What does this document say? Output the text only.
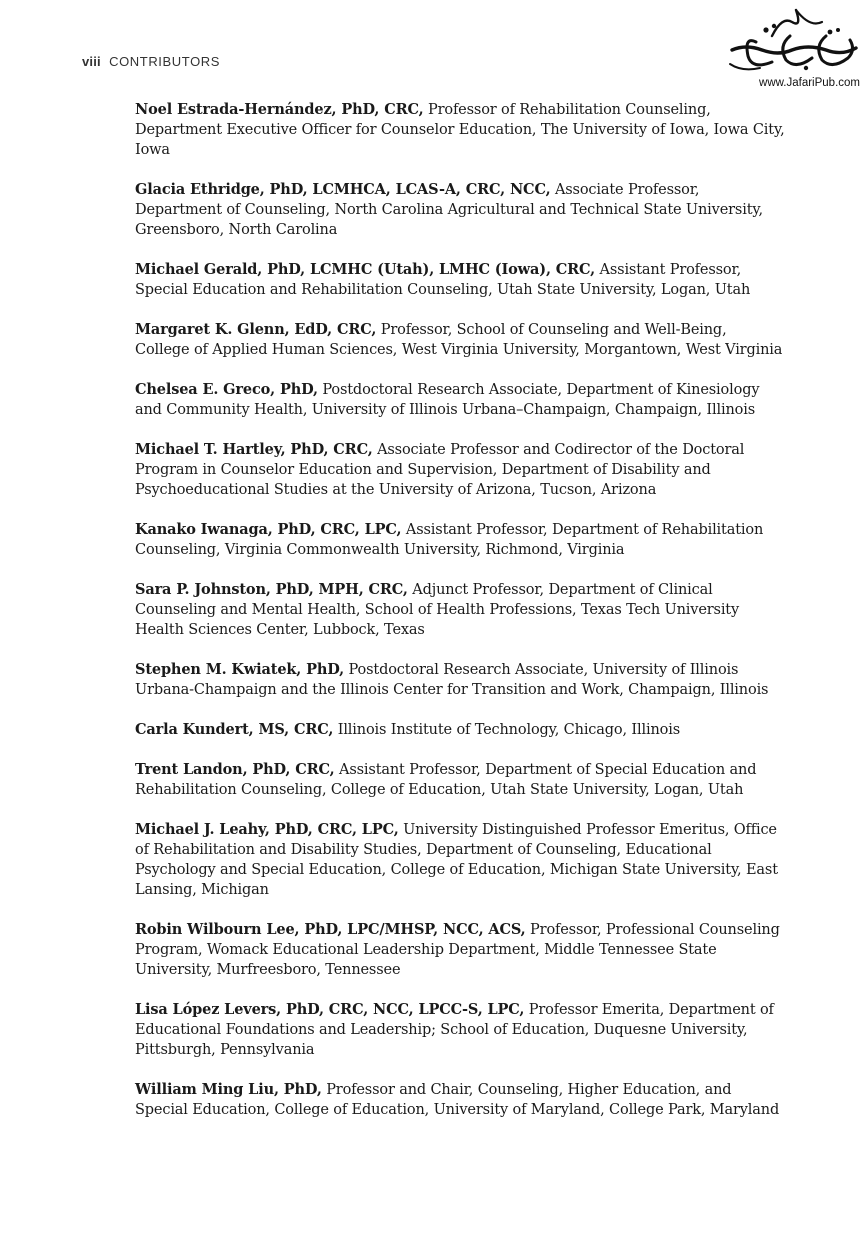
viii CONTRIBUTORS
www.JafariPub.com
Noel Estrada-Hernández, PhD, CRC, Professor of Rehabilitation Counseling, Department Executive Officer for Counselor Education, The University of Iowa, Iowa City, Iowa
Glacia Ethridge, PhD, LCMHCA, LCAS-A, CRC, NCC, Associate Professor, Department of Counseling, North Carolina Agricultural and Technical State University, Greensboro, North Carolina
Michael Gerald, PhD, LCMHC (Utah), LMHC (Iowa), CRC, Assistant Professor, Special Education and Rehabilitation Counseling, Utah State University, Logan, Utah
Margaret K. Glenn, EdD, CRC, Professor, School of Counseling and Well-Being, College of Applied Human Sciences, West Virginia University, Morgantown, West Virginia
Chelsea E. Greco, PhD, Postdoctoral Research Associate, Department of Kinesiology and Community Health, University of Illinois Urbana–Champaign, Champaign, Illinois
Michael T. Hartley, PhD, CRC, Associate Professor and Codirector of the Doctoral Program in Counselor Education and Supervision, Department of Disability and Psychoeducational Studies at the University of Arizona, Tucson, Arizona
Kanako Iwanaga, PhD, CRC, LPC, Assistant Professor, Department of Rehabilitation Counseling, Virginia Commonwealth University, Richmond, Virginia
Sara P. Johnston, PhD, MPH, CRC, Adjunct Professor, Department of Clinical Counseling and Mental Health, School of Health Professions, Texas Tech University Health Sciences Center, Lubbock, Texas
Stephen M. Kwiatek, PhD, Postdoctoral Research Associate, University of Illinois Urbana-Champaign and the Illinois Center for Transition and Work, Champaign, Illinois
Carla Kundert, MS, CRC, Illinois Institute of Technology, Chicago, Illinois
Trent Landon, PhD, CRC, Assistant Professor, Department of Special Education and Rehabilitation Counseling, College of Education, Utah State University, Logan, Utah
Michael J. Leahy, PhD, CRC, LPC, University Distinguished Professor Emeritus, Office of Rehabilitation and Disability Studies, Department of Counseling, Educational Psychology and Special Education, College of Education, Michigan State University, East Lansing, Michigan
Robin Wilbourn Lee, PhD, LPC/MHSP, NCC, ACS, Professor, Professional Counseling Program, Womack Educational Leadership Department, Middle Tennessee State University, Murfreesboro, Tennessee
Lisa López Levers, PhD, CRC, NCC, LPCC-S, LPC, Professor Emerita, Department of Educational Foundations and Leadership; School of Education, Duquesne University, Pittsburgh, Pennsylvania
William Ming Liu, PhD, Professor and Chair, Counseling, Higher Education, and Special Education, College of Education, University of Maryland, College Park, Maryland
